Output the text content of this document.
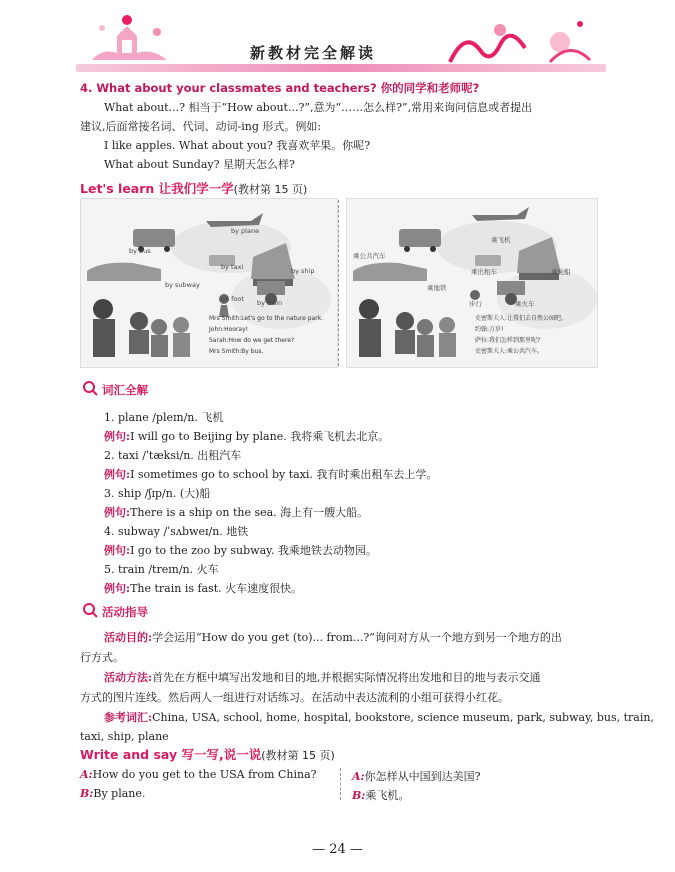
新教材完全解读
4. What about your classmates and teachers? 你的同学和老师呢?
What about...? 相当于“How about...?”,意为“……怎么样?”,常用来询问信息或者提出
建议,后面常接名词、代词、动词-ing 形式。例如:
I like apples. What about you? 我喜欢苹果。你呢?
What about Sunday? 星期天怎么样?
Let's learn 让我们学一学(教材第 15 页)
by plane
by bus
by taxi
by subway
on foot
by ship
by train
Mrs Smith:Let's go to the nature park.
John:Hooray!
Sarah:How do we get there?
Mrs Smith:By bus.
乘飞机
乘公共汽车
乘出租车
乘地铁
步行
乘轮船
乘火车
史密斯夫人:让我们去自然公园吧。
约翰:万岁!
萨拉:我们怎样到那里呢?
史密斯夫人:乘公共汽车。
词汇全解
1. plane /pleɪn/n. 飞机
例句:I will go to Beijing by plane. 我将乘飞机去北京。
2. taxi /ˈtæksi/n. 出租汽车
例句:I sometimes go to school by taxi. 我有时乘出租车去上学。
3. ship /ʃɪp/n. (大)船
例句:There is a ship on the sea. 海上有一艘大船。
4. subway /ˈsʌbweɪ/n. 地铁
例句:I go to the zoo by subway. 我乘地铁去动物园。
5. train /treɪn/n. 火车
例句:The train is fast. 火车速度很快。
活动指导
活动目的:学会运用“How do you get (to)... from...?”询问对方从一个地方到另一个地方的出
行方式。
活动方法:首先在方框中填写出发地和目的地,并根据实际情况将出发地和目的地与表示交通
方式的图片连线。然后两人一组进行对话练习。在活动中表达流利的小组可获得小红花。
参考词汇:China, USA, school, home, hospital, bookstore, science museum, park, subway, bus, train,
taxi, ship, plane
Write and say 写一写,说一说(教材第 15 页)
A:How do you get to the USA from China?
B:By plane.
A:你怎样从中国到达美国?
B:乘飞机。
— 24 —
